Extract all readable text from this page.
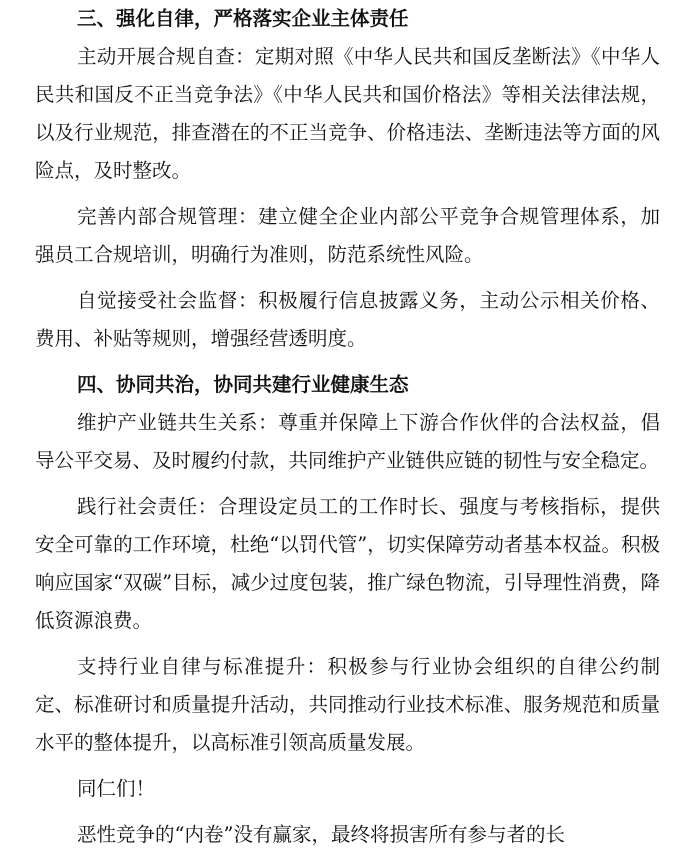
三、强化自律，严格落实企业主体责任

主动开展合规自查：定期对照《中华人民共和国反垄断法》《中华人民共和国反不正当竞争法》《中华人民共和国价格法》等相关法律法规，以及行业规范，排查潜在的不正当竞争、价格违法、垄断违法等方面的风险点，及时整改。

完善内部合规管理：建立健全企业内部公平竞争合规管理体系，加强员工合规培训，明确行为准则，防范系统性风险。

自觉接受社会监督：积极履行信息披露义务，主动公示相关价格、费用、补贴等规则，增强经营透明度。

四、协同共治，协同共建行业健康生态

维护产业链共生关系：尊重并保障上下游合作伙伴的合法权益，倡导公平交易、及时履约付款，共同维护产业链供应链的韧性与安全稳定。

践行社会责任：合理设定员工的工作时长、强度与考核指标，提供安全可靠的工作环境，杜绝“以罚代管”，切实保障劳动者基本权益。积极响应国家“双碳”目标，减少过度包装，推广绿色物流，引导理性消费，降低资源浪费。

支持行业自律与标准提升：积极参与行业协会组织的自律公约制定、标准研讨和质量提升活动，共同推动行业技术标准、服务规范和质量水平的整体提升，以高标准引领高质量发展。

同仁们！

恶性竞争的“内卷”没有赢家，最终将损害所有参与者的长
